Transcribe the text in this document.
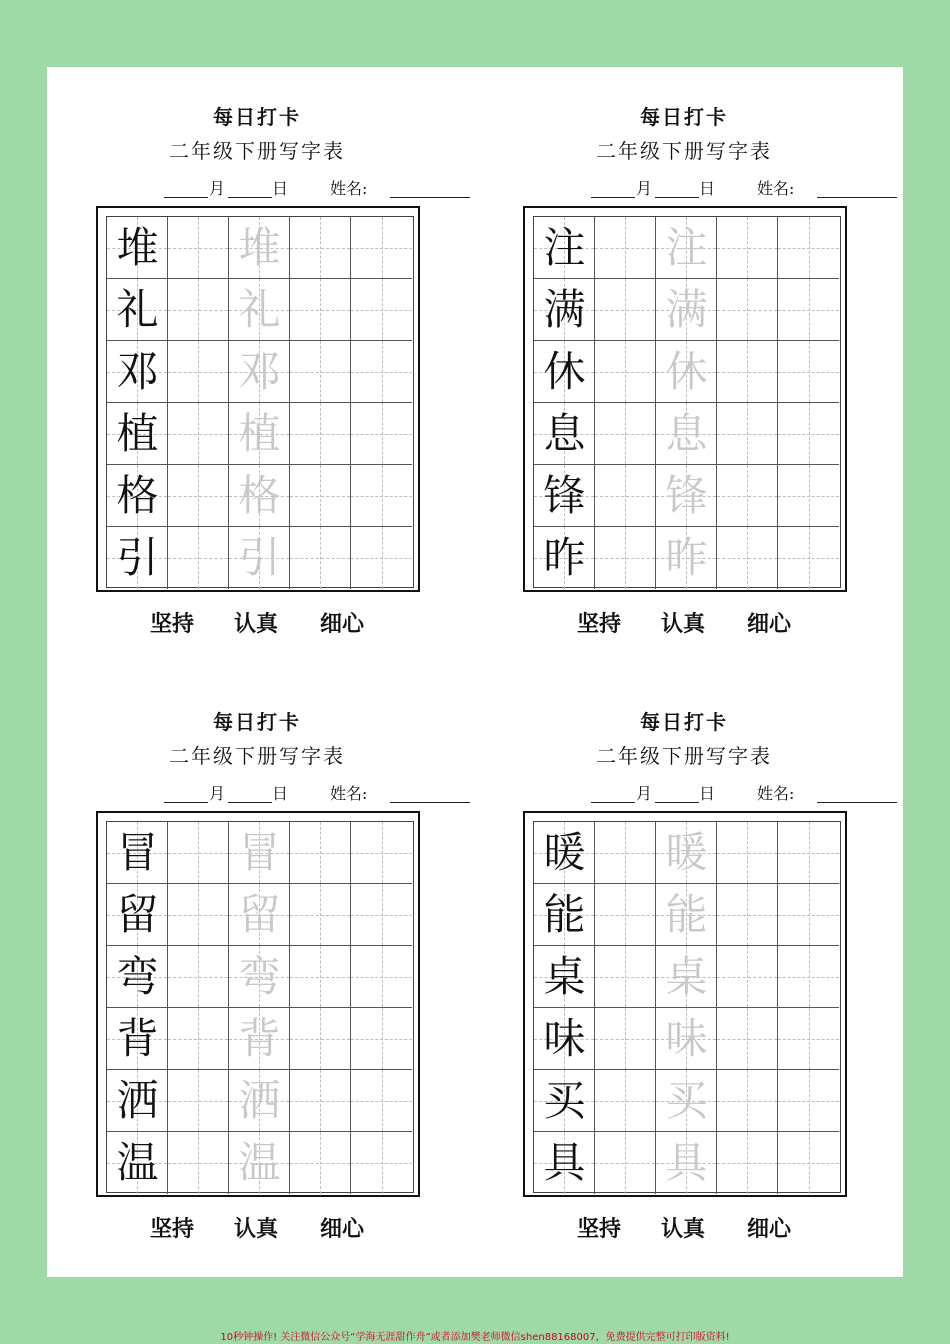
每日打卡
二年级下册写字表
月	日	姓名:
堆 堆
礼 礼
邓 邓
植 植
格 格
引 引
坚持 认真 细心
每日打卡
二年级下册写字表
月	日	姓名:
注 注
满 满
休 休
息 息
锋 锋
昨 昨
坚持 认真 细心
每日打卡
二年级下册写字表
月	日	姓名:
冒 冒
留 留
弯 弯
背 背
洒 洒
温 温
坚持 认真 细心
每日打卡
二年级下册写字表
月	日	姓名:
暖 暖
能 能
桌 桌
味 味
买 买
具 具
坚持 认真 细心
10秒钟操作! 关注微信公众号“学海无涯甜作舟”或者添加樊老师微信shen88168007，免费提供完整可打印版资料!
